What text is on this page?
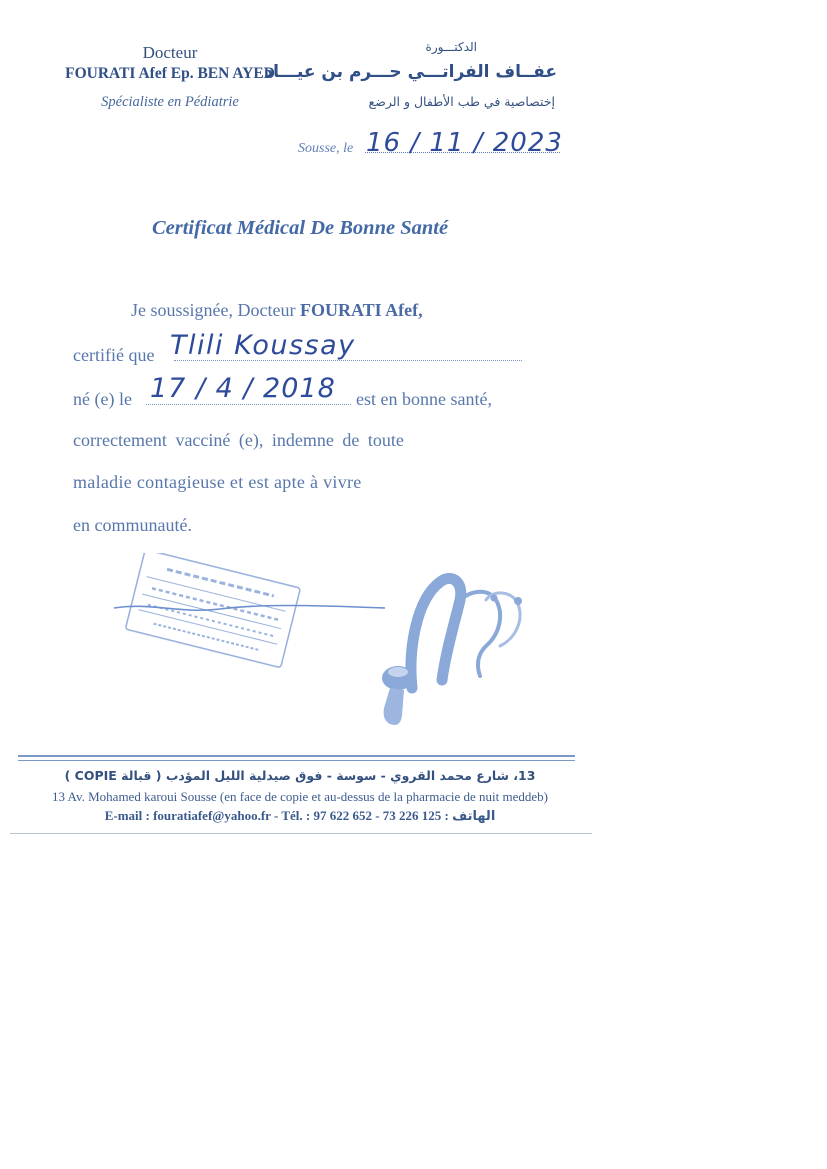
Docteur
FOURATI Afef Ep. BEN AYED
Spécialiste en Pédiatrie
الدكتـــورة
عفــاف الفراتـــي حـــرم بن عيـــاد
إختصاصية في طب الأطفال و الرضع
Sousse, le 16 / 11 / 2023
Certificat Médical De Bonne Santé
Je soussignée, Docteur FOURATI Afef,
certifié que Tlili Koussay
né (e) le 17 / 4 / 2018 est en bonne santé,
correctement vacciné (e), indemne de toute
maladie contagieuse et est apte à vivre
en communauté.
13، شارع محمد القروي - سوسة - فوق صيدلية الليل المؤدب ( قبالة COPIE )
13 Av. Mohamed karoui Sousse (en face de copie et au-dessus de la pharmacie de nuit meddeb)
E-mail : fouratiafef@yahoo.fr - Tél. : 97 622 652 - 73 226 125 : الهاتف
